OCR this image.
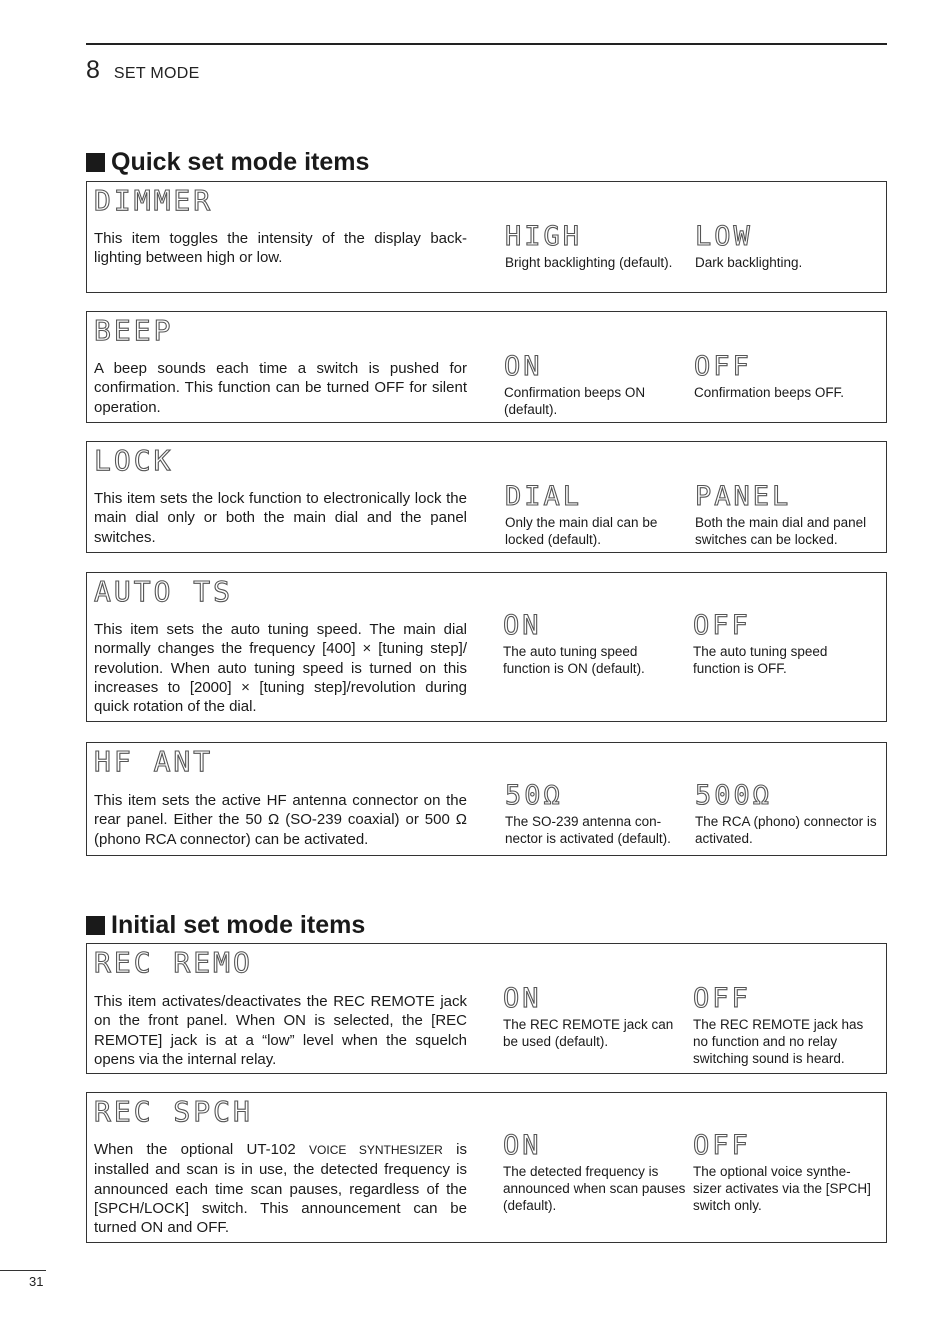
8 SET MODE
Quick set mode items
DIMMER
This item toggles the intensity of the display back-lighting between high or low.
HIGH
Bright backlighting (default).
LOW
Dark backlighting.
BEEP
A beep sounds each time a switch is pushed for confirmation. This function can be turned OFF for silent operation.
ON
Confirmation beeps ON (default).
OFF
Confirmation beeps OFF.
LOCK
This item sets the lock function to electronically lock the main dial only or both the main dial and the panel switches.
DIAL
Only the main dial can be locked (default).
PANEL
Both the main dial and panel switches can be locked.
AUTO TS
This item sets the auto tuning speed. The main dial normally changes the frequency [400] × [tuning step]/ revolution. When auto tuning speed is turned on this increases to [2000] × [tuning step]/revolution during quick rotation of the dial.
ON
The auto tuning speed function is ON (default).
OFF
The auto tuning speed function is OFF.
HF ANT
This item sets the active HF antenna connector on the rear panel. Either the 50 Ω (SO-239 coaxial) or 500 Ω (phono RCA connector) can be activated.
50Ω
The SO-239 antenna con-nector is activated (default).
500Ω
The RCA (phono) connector is activated.
Initial set mode items
REC REMO
This item activates/deactivates the REC REMOTE jack on the front panel. When ON is selected, the [REC REMOTE] jack is at a “low” level when the squelch opens via the internal relay.
ON
The REC REMOTE jack can be used (default).
OFF
The REC REMOTE jack has no function and no relay switching sound is heard.
REC SPCH
When the optional UT-102 VOICE SYNTHESIZER is installed and scan is in use, the detected frequency is announced each time scan pauses, regardless of the [SPCH/LOCK] switch. This announcement can be turned ON and OFF.
ON
The detected frequency is announced when scan pauses (default).
OFF
The optional voice synthe-sizer activates via the [SPCH] switch only.
31
